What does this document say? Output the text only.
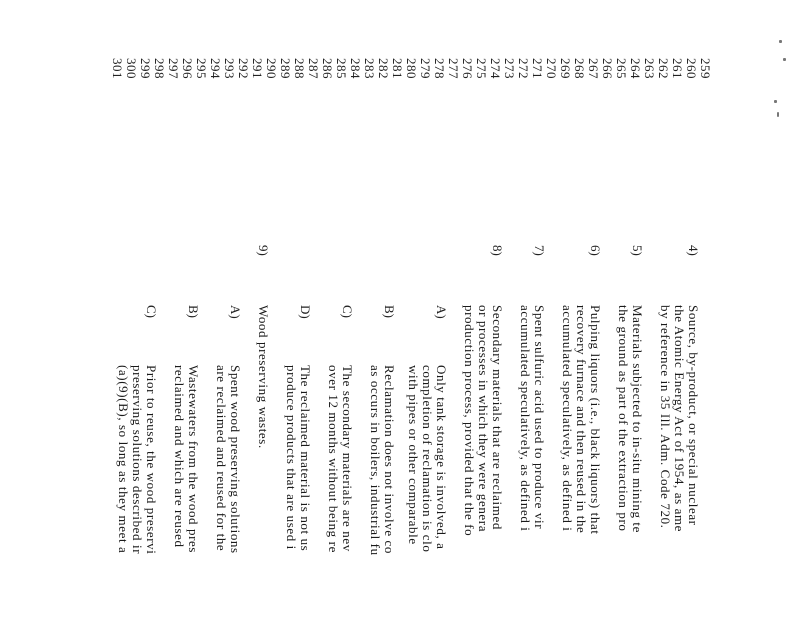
259
260
261
262
263
264
265
266
267
268
269
270
271
272
273
274
275
276
277
278
279
280
281
282
283
284
285
286
287
288
289
290
291
292
293
294
295
296
297
298
299
300
301
4)
Source, by-product, or special nuclear
the Atomic Energy Act of 1954, as ame
by reference in 35 Ill. Adm. Code 720.
5)
Materials subjected to in-situ mining te
the ground as part of the extraction pro
6)
Pulping liquors (i.e., black liquors) that
recovery furnace and then reused in the
accumulated speculatively, as defined i
7)
Spent sulfuric acid used to produce vir
accumulated speculatively, as defined i
8)
Secondary materials that are reclaimed
or processes in which they were genera
production process, provided that the fo
A)
Only tank storage is involved, a
completion of reclamation is clo
with pipes or other comparable
B)
Reclamation does not involve co
as occurs in boilers, industrial fu
C)
The secondary materials are nev
over 12 months without being re
D)
The reclaimed material is not us
produce products that are used i
9)
Wood preserving wastes.
A)
Spent wood preserving solutions
are reclaimed and reused for the
B)
Wastewaters from the wood pres
reclaimed and which are reused
C)
Prior to reuse, the wood preservi
preserving solutions described ir
(a)(9)(B), so long as they meet a
